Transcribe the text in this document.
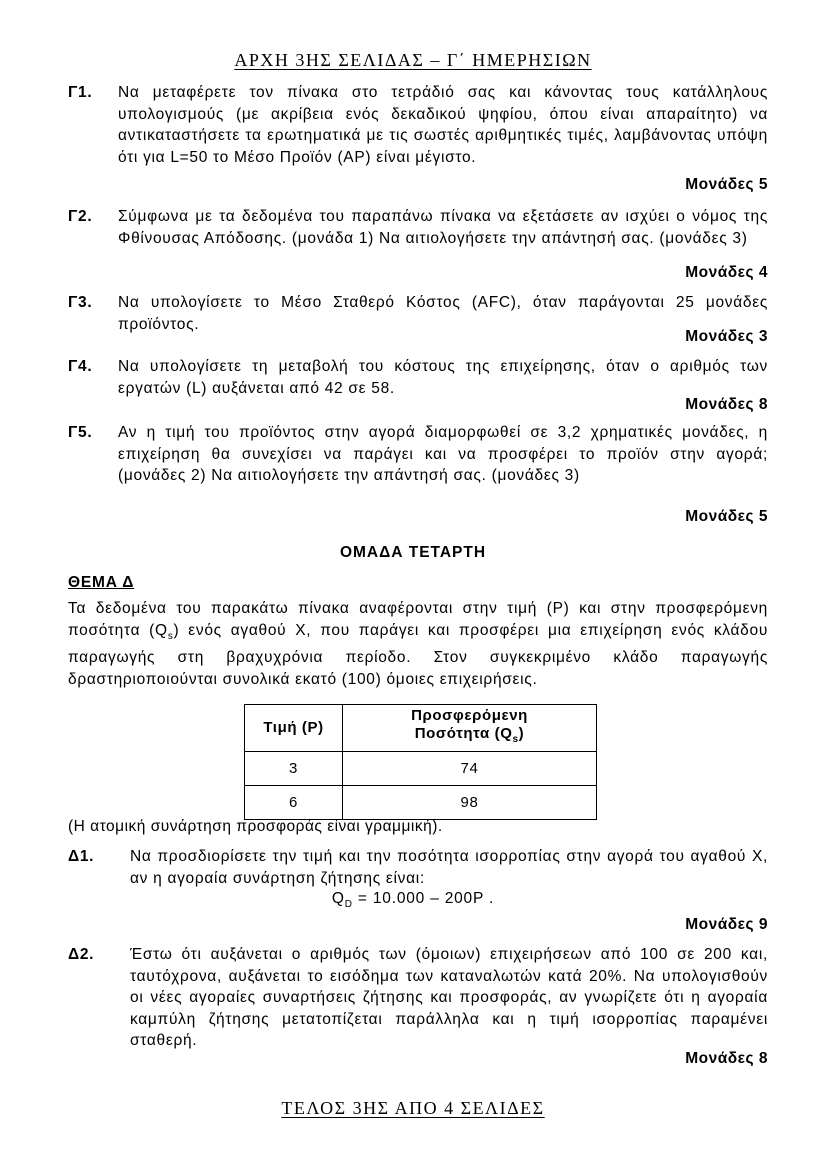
ΑΡΧΗ 3ΗΣ ΣΕΛΙΔΑΣ – Γ΄ ΗΜΕΡΗΣΙΩΝ
Γ1. Να μεταφέρετε τον πίνακα στο τετράδιό σας και κάνοντας τους κατάλληλους υπολογισμούς (με ακρίβεια ενός δεκαδικού ψηφίου, όπου είναι απαραίτητο) να αντικαταστήσετε τα ερωτηματικά με τις σωστές αριθμητικές τιμές, λαμβάνοντας υπόψη ότι για L=50 το Μέσο Προϊόν (AP) είναι μέγιστο.
Μονάδες 5
Γ2. Σύμφωνα με τα δεδομένα του παραπάνω πίνακα να εξετάσετε αν ισχύει ο νόμος της Φθίνουσας Απόδοσης. (μονάδα 1) Να αιτιολογήσετε την απάντησή σας. (μονάδες 3)
Μονάδες 4
Γ3. Να υπολογίσετε το Μέσο Σταθερό Κόστος (AFC), όταν παράγονται 25 μονάδες προϊόντος.
Μονάδες 3
Γ4. Να υπολογίσετε τη μεταβολή του κόστους της επιχείρησης, όταν ο αριθμός των εργατών (L) αυξάνεται από 42 σε 58.
Μονάδες 8
Γ5. Αν η τιμή του προϊόντος στην αγορά διαμορφωθεί σε 3,2 χρηματικές μονάδες, η επιχείρηση θα συνεχίσει να παράγει και να προσφέρει το προϊόν στην αγορά; (μονάδες 2) Να αιτιολογήσετε την απάντησή σας. (μονάδες 3)
Μονάδες 5
ΟΜΑΔΑ ΤΕΤΑΡΤΗ
ΘΕΜΑ Δ
Τα δεδομένα του παρακάτω πίνακα αναφέρονται στην τιμή (P) και στην προσφερόμενη ποσότητα $(Q_s)$ ενός αγαθού Χ, που παράγει και προσφέρει μια επιχείρηση ενός κλάδου παραγωγής στη βραχυχρόνια περίοδο. Στον συγκεκριμένο κλάδο παραγωγής δραστηριοποιούνται συνολικά εκατό (100) όμοιες επιχειρήσεις.
Τιμή (P)	Προσφερόμενη
Ποσότητα $(Q_s)$
3	74
6	98
(Η ατομική συνάρτηση προσφοράς είναι γραμμική).
Δ1. Να προσδιορίσετε την τιμή και την ποσότητα ισορροπίας στην αγορά του αγαθού Χ, αν η αγοραία συνάρτηση ζήτησης είναι:
$Q_D = 10.000 - 200P$ .
Μονάδες 9
Δ2. Έστω ότι αυξάνεται ο αριθμός των (όμοιων) επιχειρήσεων από 100 σε 200 και, ταυτόχρονα, αυξάνεται το εισόδημα των καταναλωτών κατά 20%. Να υπολογισθούν οι νέες αγοραίες συναρτήσεις ζήτησης και προσφοράς, αν γνωρίζετε ότι η αγοραία καμπύλη ζήτησης μετατοπίζεται παράλληλα και η τιμή ισορροπίας παραμένει σταθερή.
Μονάδες 8
ΤΕΛΟΣ 3ΗΣ ΑΠΟ 4 ΣΕΛΙΔΕΣ
